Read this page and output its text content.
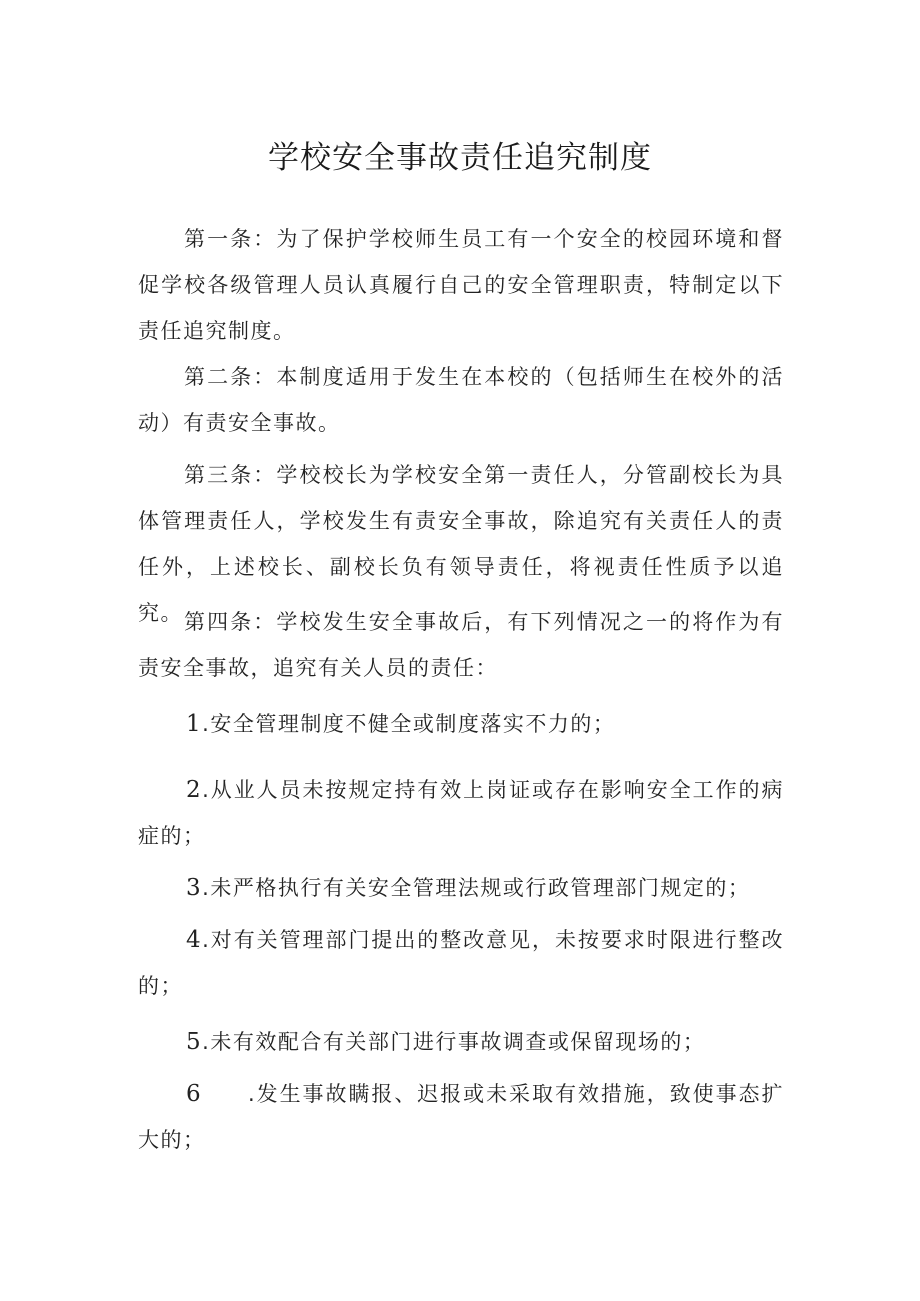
学校安全事故责任追究制度

第一条：为了保护学校师生员工有一个安全的校园环境和督促学校各级管理人员认真履行自己的安全管理职责，特制定以下责任追究制度。

第二条：本制度适用于发生在本校的（包括师生在校外的活动）有责安全事故。

第三条：学校校长为学校安全第一责任人，分管副校长为具体管理责任人，学校发生有责安全事故，除追究有关责任人的责任外，上述校长、副校长负有领导责任，将视责任性质予以追究。 第四条：学校发生安全事故后，有下列情况之一的将作为有责安全事故，追究有关人员的责任：

1.安全管理制度不健全或制度落实不力的；

2.从业人员未按规定持有效上岗证或存在影响安全工作的病症的；

3.未严格执行有关安全管理法规或行政管理部门规定的；

4.对有关管理部门提出的整改意见，未按要求时限进行整改的；

5.未有效配合有关部门进行事故调查或保留现场的；

6 .发生事故瞒报、迟报或未采取有效措施，致使事态扩大的；
